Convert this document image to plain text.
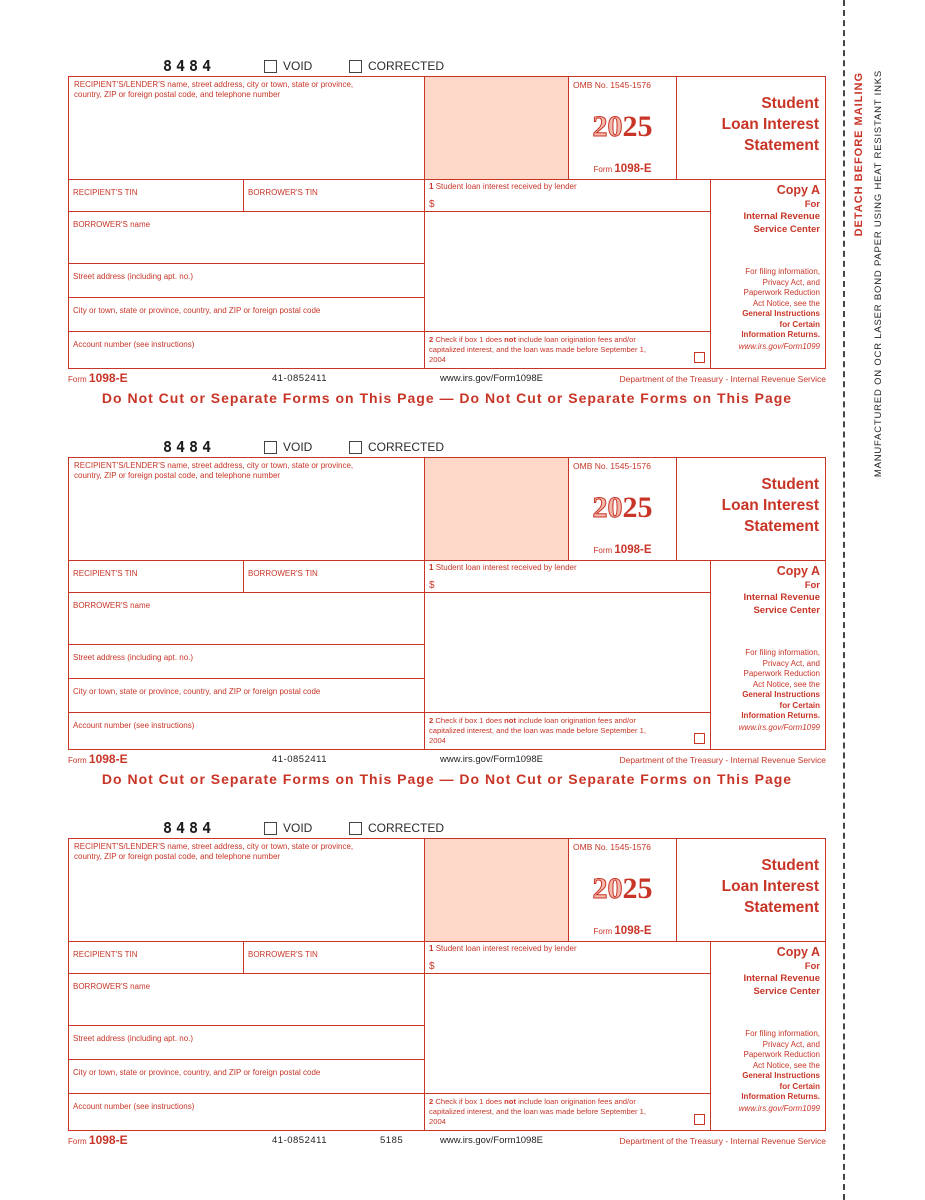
8484	VOID	CORRECTED
RECIPIENT'S/LENDER'S name, street address, city or town, state or province, country, ZIP or foreign postal code, and telephone number
OMB No. 1545-1576
2025
Form 1098-E
Student
Loan Interest
Statement
RECIPIENT'S TIN	BORROWER'S TIN
1 Student loan interest received by lender
$
Copy A
For
Internal Revenue
Service Center
For filing information,
Privacy Act, and
Paperwork Reduction
Act Notice, see the
General Instructions
for Certain
Information Returns.
www.irs.gov/Form1099
BORROWER'S name
Street address (including apt. no.)
City or town, state or province, country, and ZIP or foreign postal code
Account number (see instructions)
2 Check if box 1 does not include loan origination fees and/or capitalized interest, and the loan was made before September 1, 2004
Form 1098-E	41-0852411	www.irs.gov/Form1098E	Department of the Treasury - Internal Revenue Service
Do Not Cut or Separate Forms on This Page — Do Not Cut or Separate Forms on This Page
8484	VOID	CORRECTED
RECIPIENT'S/LENDER'S name, street address, city or town, state or province, country, ZIP or foreign postal code, and telephone number
OMB No. 1545-1576
2025
Form 1098-E
Student
Loan Interest
Statement
RECIPIENT'S TIN	BORROWER'S TIN
1 Student loan interest received by lender
$
Copy A
For
Internal Revenue
Service Center
For filing information,
Privacy Act, and
Paperwork Reduction
Act Notice, see the
General Instructions
for Certain
Information Returns.
www.irs.gov/Form1099
BORROWER'S name
Street address (including apt. no.)
City or town, state or province, country, and ZIP or foreign postal code
Account number (see instructions)
2 Check if box 1 does not include loan origination fees and/or capitalized interest, and the loan was made before September 1, 2004
Form 1098-E	41-0852411	www.irs.gov/Form1098E	Department of the Treasury - Internal Revenue Service
Do Not Cut or Separate Forms on This Page — Do Not Cut or Separate Forms on This Page
8484	VOID	CORRECTED
RECIPIENT'S/LENDER'S name, street address, city or town, state or province, country, ZIP or foreign postal code, and telephone number
OMB No. 1545-1576
2025
Form 1098-E
Student
Loan Interest
Statement
RECIPIENT'S TIN	BORROWER'S TIN
1 Student loan interest received by lender
$
Copy A
For
Internal Revenue
Service Center
For filing information,
Privacy Act, and
Paperwork Reduction
Act Notice, see the
General Instructions
for Certain
Information Returns.
www.irs.gov/Form1099
BORROWER'S name
Street address (including apt. no.)
City or town, state or province, country, and ZIP or foreign postal code
Account number (see instructions)
2 Check if box 1 does not include loan origination fees and/or capitalized interest, and the loan was made before September 1, 2004
Form 1098-E	41-0852411	5185	www.irs.gov/Form1098E	Department of the Treasury - Internal Revenue Service
DETACH BEFORE MAILING MANUFACTURED ON OCR LASER BOND PAPER USING HEAT RESISTANT INKS
